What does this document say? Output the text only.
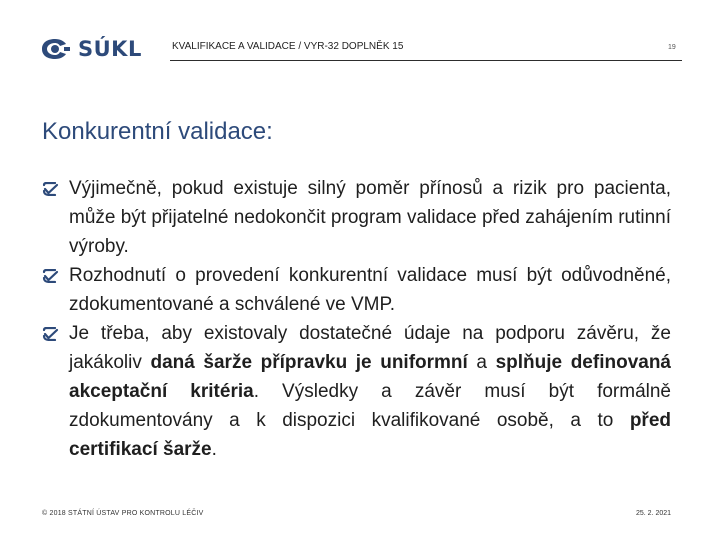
SÚKL	KVALIFIKACE A VALIDACE / VYR-32 DOPLNĚK 15	19
Konkurentní validace:
Výjimečně, pokud existuje silný poměr přínosů a rizik pro pacienta, může být přijatelné nedokončit program validace před zahájením rutinní výroby.
Rozhodnutí o provedení konkurentní validace musí být odůvodněné, zdokumentované a schválené ve VMP.
Je třeba, aby existovaly dostatečné údaje na podporu závěru, že jakákoliv daná šarže přípravku je uniformní a splňuje definovaná akceptační kritéria. Výsledky a závěr musí být formálně zdokumentovány a k dispozici kvalifikované osobě, a to před certifikací šarže.
© 2018 STÁTNÍ ÚSTAV PRO KONTROLU LÉČIV	25. 2. 2021
